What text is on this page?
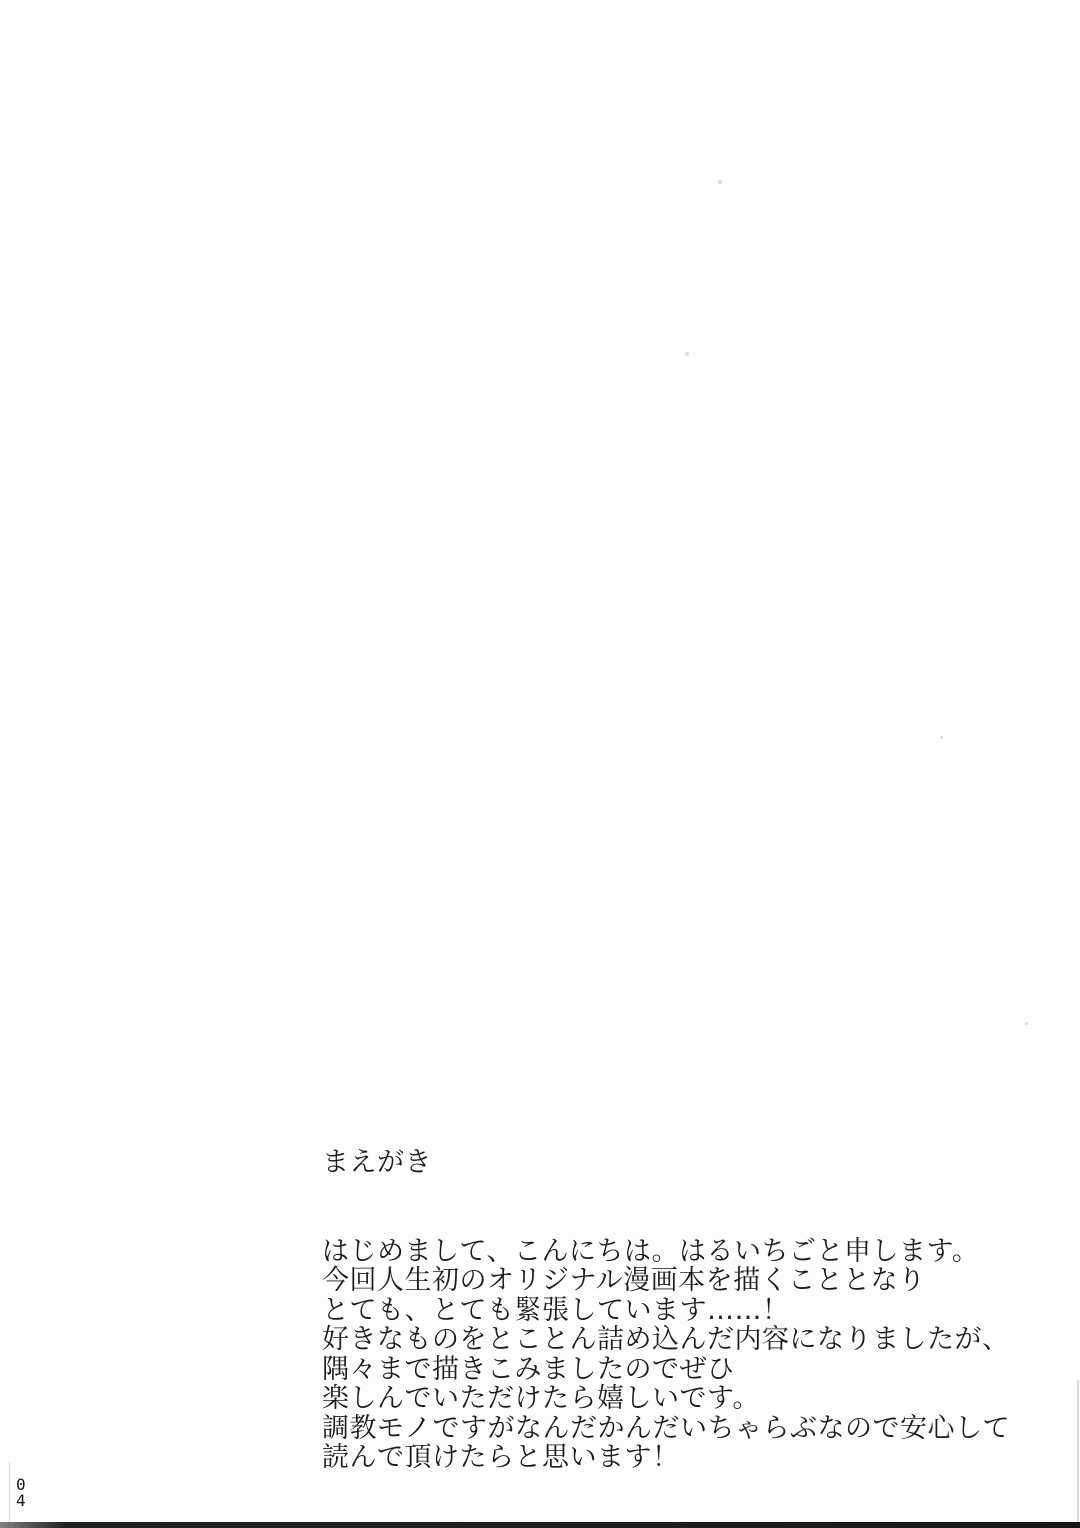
まえがき
はじめまして、こんにちは。はるいちごと申します。
今回人生初のオリジナル漫画本を描くこととなり
とても、とても緊張しています……！
好きなものをとことん詰め込んだ内容になりましたが、
隅々まで描きこみましたのでぜひ
楽しんでいただけたら嬉しいです。
調教モノですがなんだかんだいちゃらぶなので安心して
読んで頂けたらと思います！
0
4
